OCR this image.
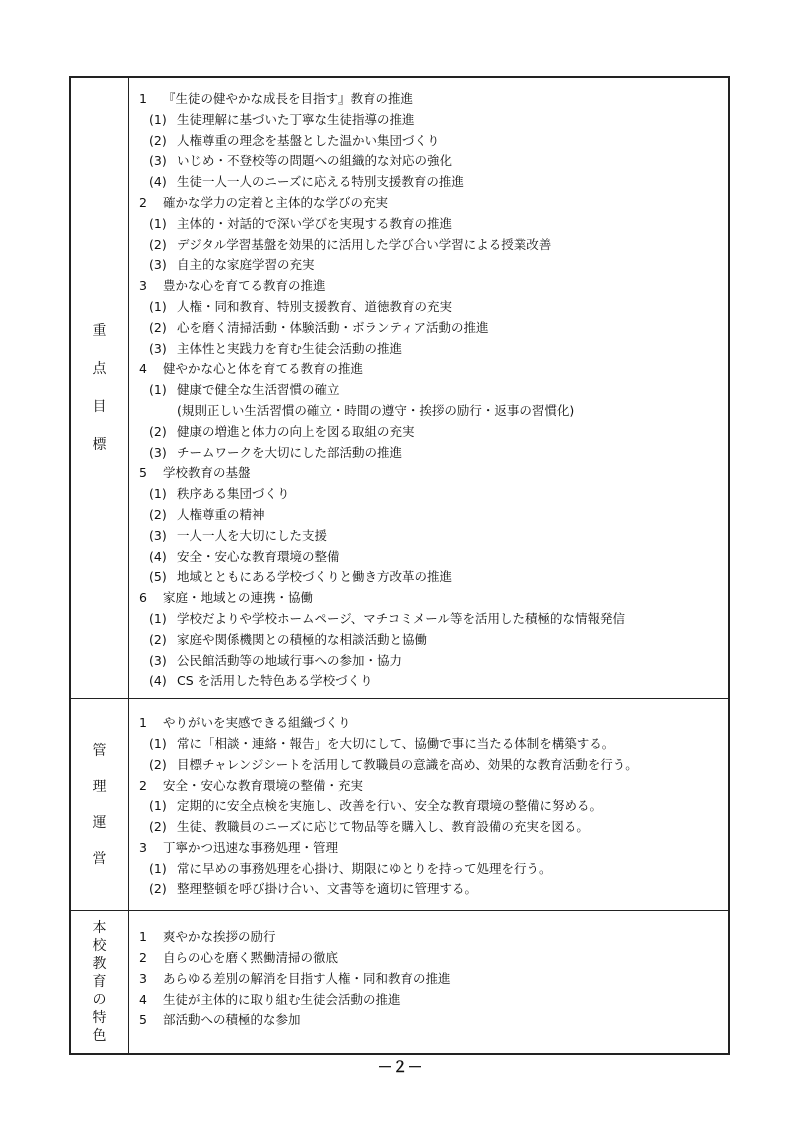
重
点
目
標
1 『生徒の健やかな成長を目指す』教育の推進
(1) 生徒理解に基づいた丁寧な生徒指導の推進
(2) 人権尊重の理念を基盤とした温かい集団づくり
(3) いじめ・不登校等の問題への組織的な対応の強化
(4) 生徒一人一人のニーズに応える特別支援教育の推進
2 確かな学力の定着と主体的な学びの充実
(1) 主体的・対話的で深い学びを実現する教育の推進
(2) デジタル学習基盤を効果的に活用した学び合い学習による授業改善
(3) 自主的な家庭学習の充実
3 豊かな心を育てる教育の推進
(1) 人権・同和教育、特別支援教育、道徳教育の充実
(2) 心を磨く清掃活動・体験活動・ボランティア活動の推進
(3) 主体性と実践力を育む生徒会活動の推進
4 健やかな心と体を育てる教育の推進
(1) 健康で健全な生活習慣の確立
(規則正しい生活習慣の確立・時間の遵守・挨拶の励行・返事の習慣化)
(2) 健康の増進と体力の向上を図る取組の充実
(3) チームワークを大切にした部活動の推進
5 学校教育の基盤
(1) 秩序ある集団づくり
(2) 人権尊重の精神
(3) 一人一人を大切にした支援
(4) 安全・安心な教育環境の整備
(5) 地域とともにある学校づくりと働き方改革の推進
6 家庭・地域との連携・協働
(1) 学校だよりや学校ホームページ、マチコミメール等を活用した積極的な情報発信
(2) 家庭や関係機関との積極的な相談活動と協働
(3) 公民館活動等の地域行事への参加・協力
(4) CS を活用した特色ある学校づくり
管
理
運
営
1 やりがいを実感できる組織づくり
(1) 常に「相談・連絡・報告」を大切にして、協働で事に当たる体制を構築する。
(2) 目標チャレンジシートを活用して教職員の意識を高め、効果的な教育活動を行う。
2 安全・安心な教育環境の整備・充実
(1) 定期的に安全点検を実施し、改善を行い、安全な教育環境の整備に努める。
(2) 生徒、教職員のニーズに応じて物品等を購入し、教育設備の充実を図る。
3 丁寧かつ迅速な事務処理・管理
(1) 常に早めの事務処理を心掛け、期限にゆとりを持って処理を行う。
(2) 整理整頓を呼び掛け合い、文書等を適切に管理する。
本
校
教
育
の
特
色
1 爽やかな挨拶の励行
2 自らの心を磨く黙働清掃の徹底
3 あらゆる差別の解消を目指す人権・同和教育の推進
4 生徒が主体的に取り組む生徒会活動の推進
5 部活動への積極的な参加
－２－
